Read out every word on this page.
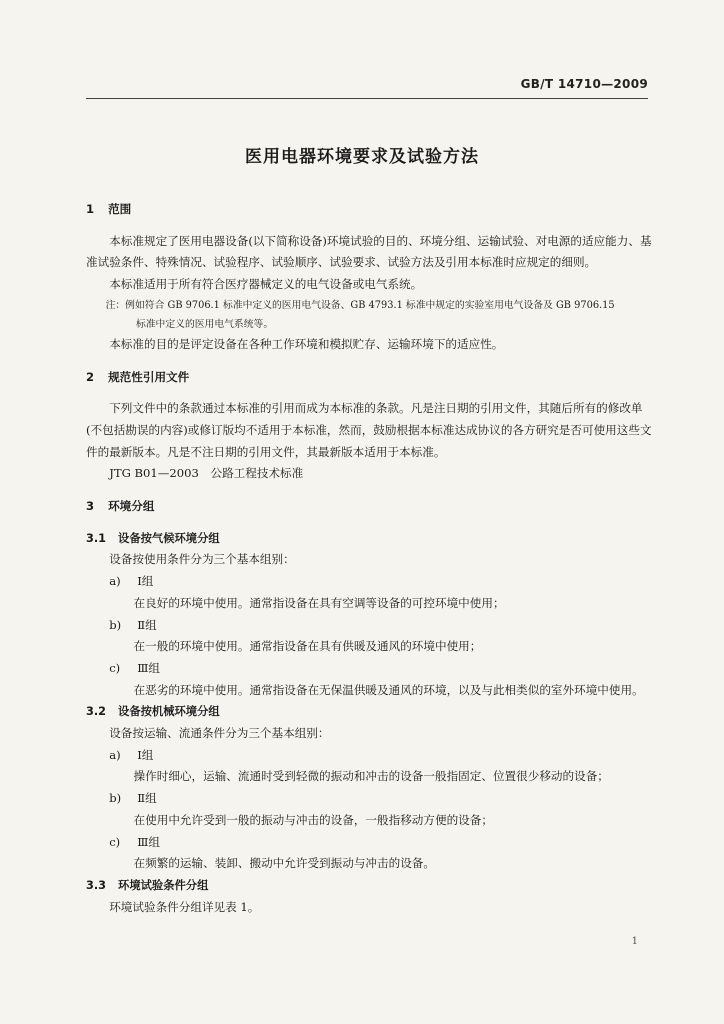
GB/T 14710—2009
医用电器环境要求及试验方法
1 范围

本标准规定了医用电器设备(以下简称设备)环境试验的目的、环境分组、运输试验、对电源的适应能力、基准试验条件、特殊情况、试验程序、试验顺序、试验要求、试验方法及引用本标准时应规定的细则。

本标准适用于所有符合医疗器械定义的电气设备或电气系统。

注：例如符合 GB 9706.1 标准中定义的医用电气设备、GB 4793.1 标准中规定的实验室用电气设备及 GB 9706.15
标准中定义的医用电气系统等。

本标准的目的是评定设备在各种工作环境和模拟贮存、运输环境下的适应性。

2 规范性引用文件

下列文件中的条款通过本标准的引用而成为本标准的条款。凡是注日期的引用文件，其随后所有的修改单(不包括勘误的内容)或修订版均不适用于本标准，然而，鼓励根据本标准达成协议的各方研究是否可使用这些文件的最新版本。凡是不注日期的引用文件，其最新版本适用于本标准。

JTG B01—2003　公路工程技术标准

3 环境分组
3.1 设备按气候环境分组

设备按使用条件分为三个基本组别：

a) Ⅰ组
在良好的环境中使用。通常指设备在具有空调等设备的可控环境中使用；
b) Ⅱ组
在一般的环境中使用。通常指设备在具有供暖及通风的环境中使用；
c) Ⅲ组
在恶劣的环境中使用。通常指设备在无保温供暖及通风的环境，以及与此相类似的室外环境中使用。
3.2 设备按机械环境分组

设备按运输、流通条件分为三个基本组别：

a) Ⅰ组
操作时细心，运输、流通时受到轻微的振动和冲击的设备一般指固定、位置很少移动的设备；
b) Ⅱ组
在使用中允许受到一般的振动与冲击的设备，一般指移动方便的设备；
c) Ⅲ组
在频繁的运输、装卸、搬动中允许受到振动与冲击的设备。
3.3 环境试验条件分组

环境试验条件分组详见表 1。

1
